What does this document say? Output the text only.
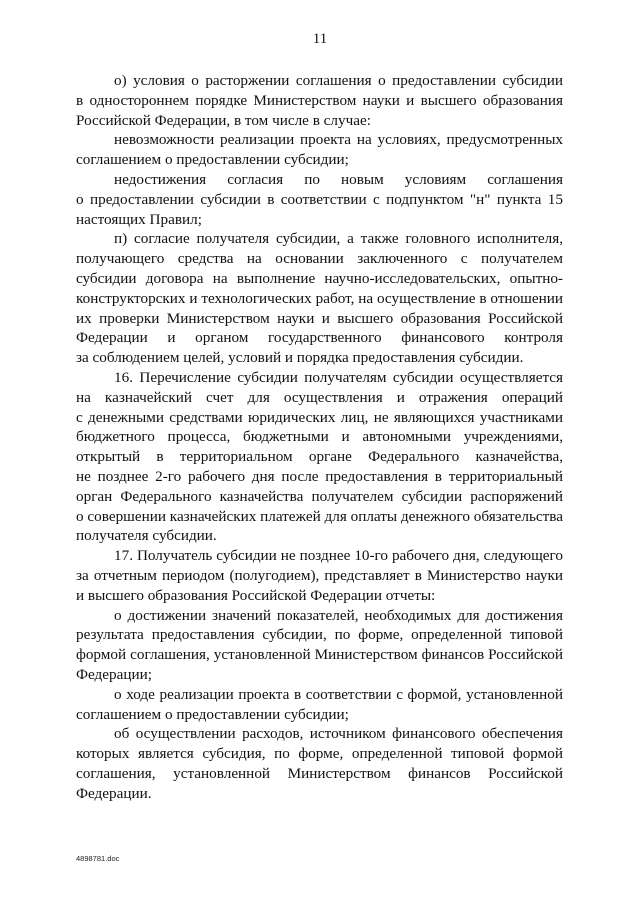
11
о) условия о расторжении соглашения о предоставлении субсидии
в одностороннем порядке Министерством науки и высшего образования
Российской Федерации, в том числе в случае:
невозможности реализации проекта на условиях, предусмотренных
соглашением о предоставлении субсидии;
недостижения согласия по новым условиям соглашения
о предоставлении субсидии в соответствии с подпунктом "н" пункта 15
настоящих Правил;
п) согласие получателя субсидии, а также головного исполнителя,
получающего средства на основании заключенного с получателем
субсидии договора на выполнение научно-исследовательских, опытно-
конструкторских и технологических работ, на осуществление в отношении
их проверки Министерством науки и высшего образования Российской
Федерации и органом государственного финансового контроля
за соблюдением целей, условий и порядка предоставления субсидии.
16. Перечисление субсидии получателям субсидии осуществляется
на казначейский счет для осуществления и отражения операций
с денежными средствами юридических лиц, не являющихся участниками
бюджетного процесса, бюджетными и автономными учреждениями,
открытый в территориальном органе Федерального казначейства,
не позднее 2-го рабочего дня после предоставления в территориальный
орган Федерального казначейства получателем субсидии распоряжений
о совершении казначейских платежей для оплаты денежного обязательства
получателя субсидии.
17. Получатель субсидии не позднее 10-го рабочего дня, следующего
за отчетным периодом (полугодием), представляет в Министерство науки
и высшего образования Российской Федерации отчеты:
о достижении значений показателей, необходимых для достижения
результата предоставления субсидии, по форме, определенной типовой
формой соглашения, установленной Министерством финансов Российской
Федерации;
о ходе реализации проекта в соответствии с формой, установленной
соглашением о предоставлении субсидии;
об осуществлении расходов, источником финансового обеспечения
которых является субсидия, по форме, определенной типовой формой
соглашения, установленной Министерством финансов Российской
Федерации.
4898781.doc
